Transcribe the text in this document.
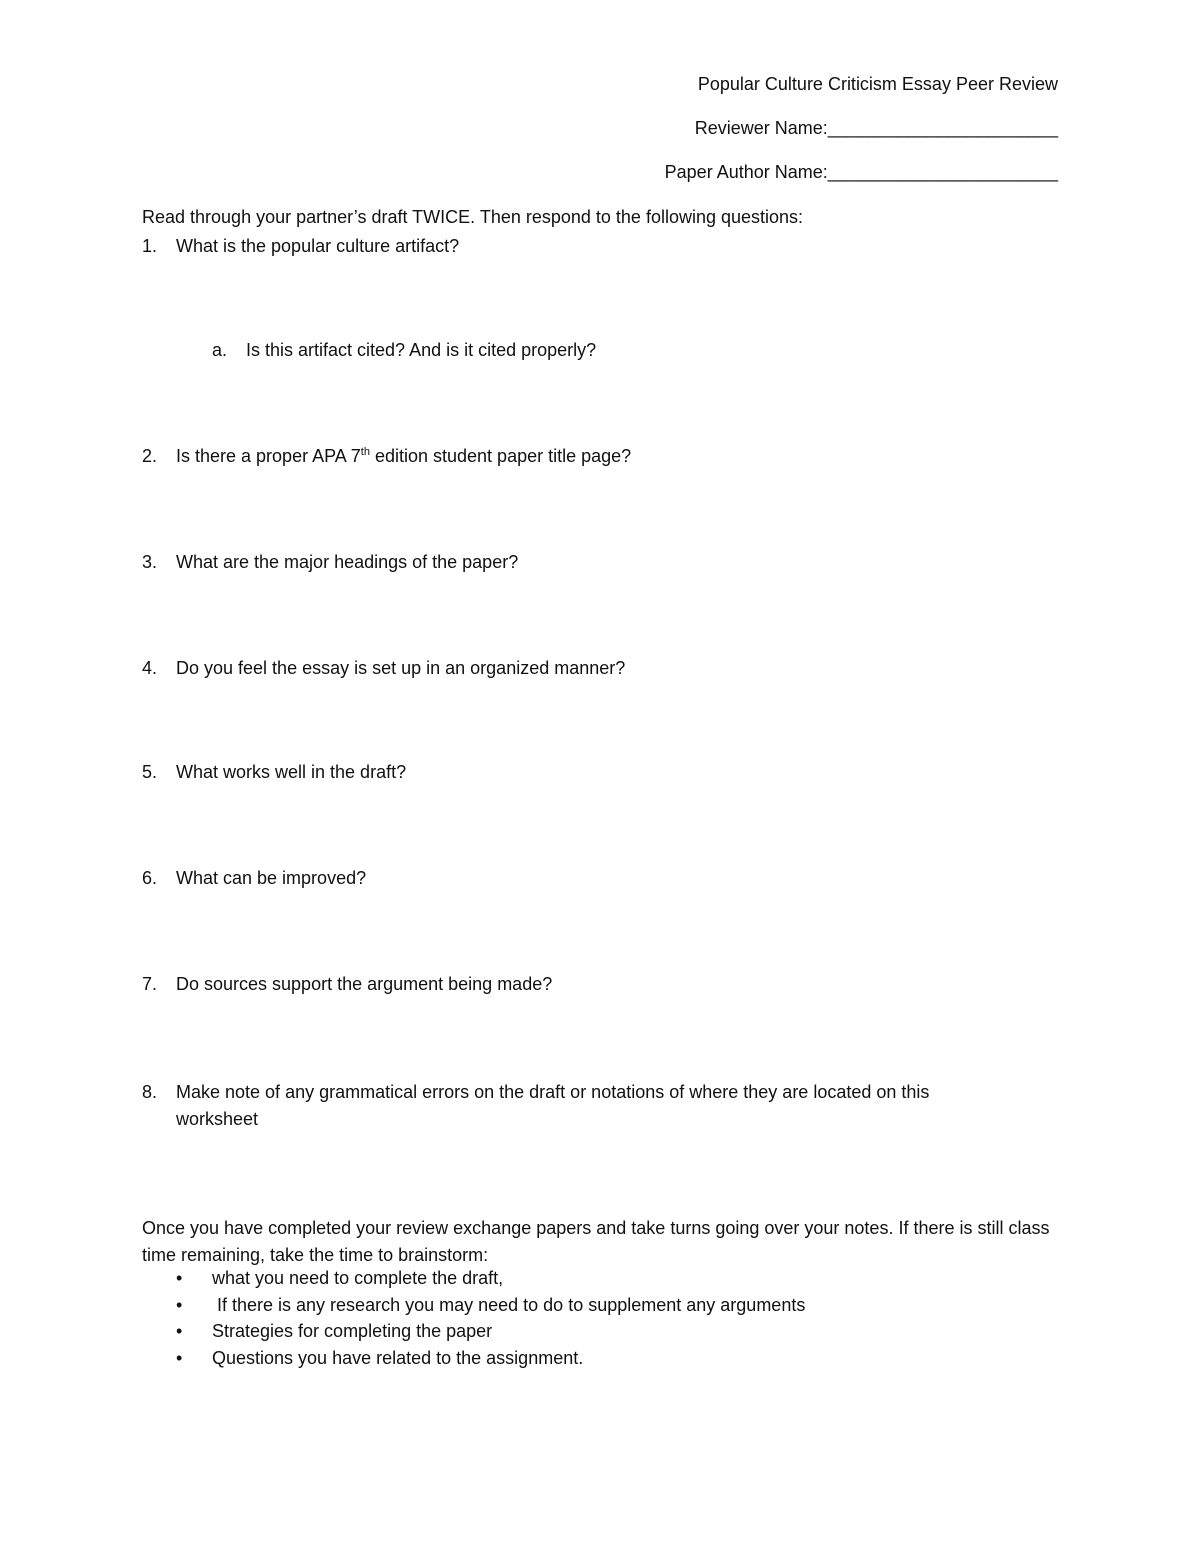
Popular Culture Criticism Essay Peer Review
Reviewer Name:_______________________
Paper Author Name:_______________________
Read through your partner’s draft TWICE. Then respond to the following questions:
1. What is the popular culture artifact?
a. Is this artifact cited? And is it cited properly?
2. Is there a proper APA 7th edition student paper title page?
3. What are the major headings of the paper?
4. Do you feel the essay is set up in an organized manner?
5. What works well in the draft?
6. What can be improved?
7. Do sources support the argument being made?
8. Make note of any grammatical errors on the draft or notations of where they are located on this
worksheet
Once you have completed your review exchange papers and take turns going over your notes. If there is still class time remaining, take the time to brainstorm:
• what you need to complete the draft,
• If there is any research you may need to do to supplement any arguments
• Strategies for completing the paper
• Questions you have related to the assignment.
